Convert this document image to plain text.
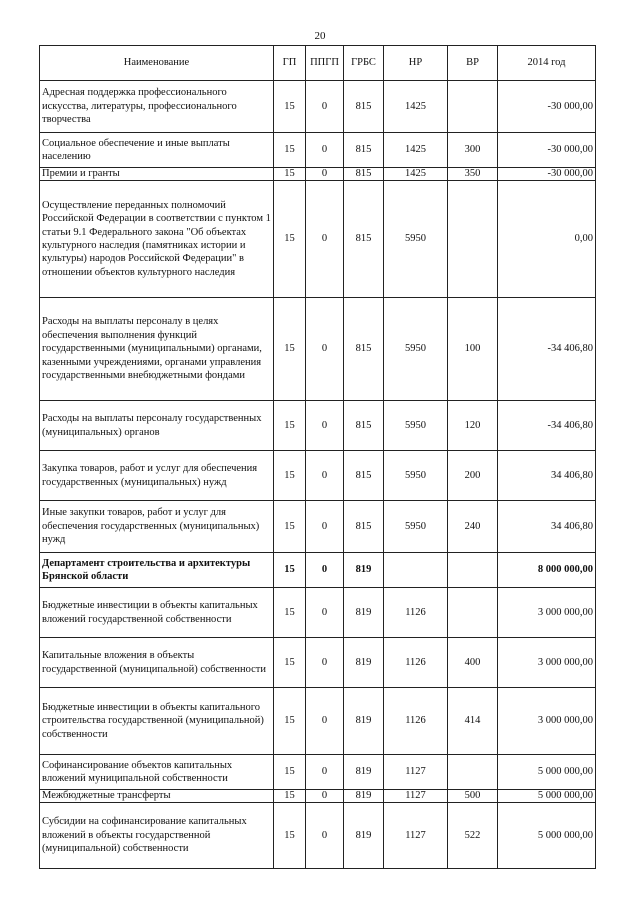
20
Наименование	ГП	ППГП	ГРБС	НР	ВР	2014 год
Адресная поддержка профессионального искусства, литературы, профессионального творчества	15	0	815	1425		-30 000,00
Социальное обеспечение и иные выплаты населению	15	0	815	1425	300	-30 000,00
Премии и гранты	15	0	815	1425	350	-30 000,00
Осуществление переданных полномочий Российской Федерации в соответствии с пунктом 1 статьи 9.1 Федерального закона "Об объектах культурного наследия (памятниках истории и культуры) народов Российской Федерации" в отношении объектов культурного наследия	15	0	815	5950		0,00
Расходы на выплаты персоналу в целях обеспечения выполнения функций государственными (муниципальными) органами, казенными учреждениями, органами управления государственными внебюджетными фондами	15	0	815	5950	100	-34 406,80
Расходы на выплаты персоналу государственных (муниципальных) органов	15	0	815	5950	120	-34 406,80
Закупка товаров, работ и услуг для обеспечения государственных (муниципальных) нужд	15	0	815	5950	200	34 406,80
Иные закупки товаров, работ и услуг для обеспечения государственных (муниципальных) нужд	15	0	815	5950	240	34 406,80
Департамент строительства и архитектуры Брянской области	15	0	819			8 000 000,00
Бюджетные инвестиции в объекты капитальных вложений государственной собственности	15	0	819	1126		3 000 000,00
Капитальные вложения в объекты государственной (муниципальной) собственности	15	0	819	1126	400	3 000 000,00
Бюджетные инвестиции в объекты капитального строительства государственной (муниципальной) собственности	15	0	819	1126	414	3 000 000,00
Софинансирование объектов капитальных вложений муниципальной собственности	15	0	819	1127		5 000 000,00
Межбюджетные трансферты	15	0	819	1127	500	5 000 000,00
Субсидии на софинансирование капитальных вложений в объекты государственной (муниципальной) собственности	15	0	819	1127	522	5 000 000,00
